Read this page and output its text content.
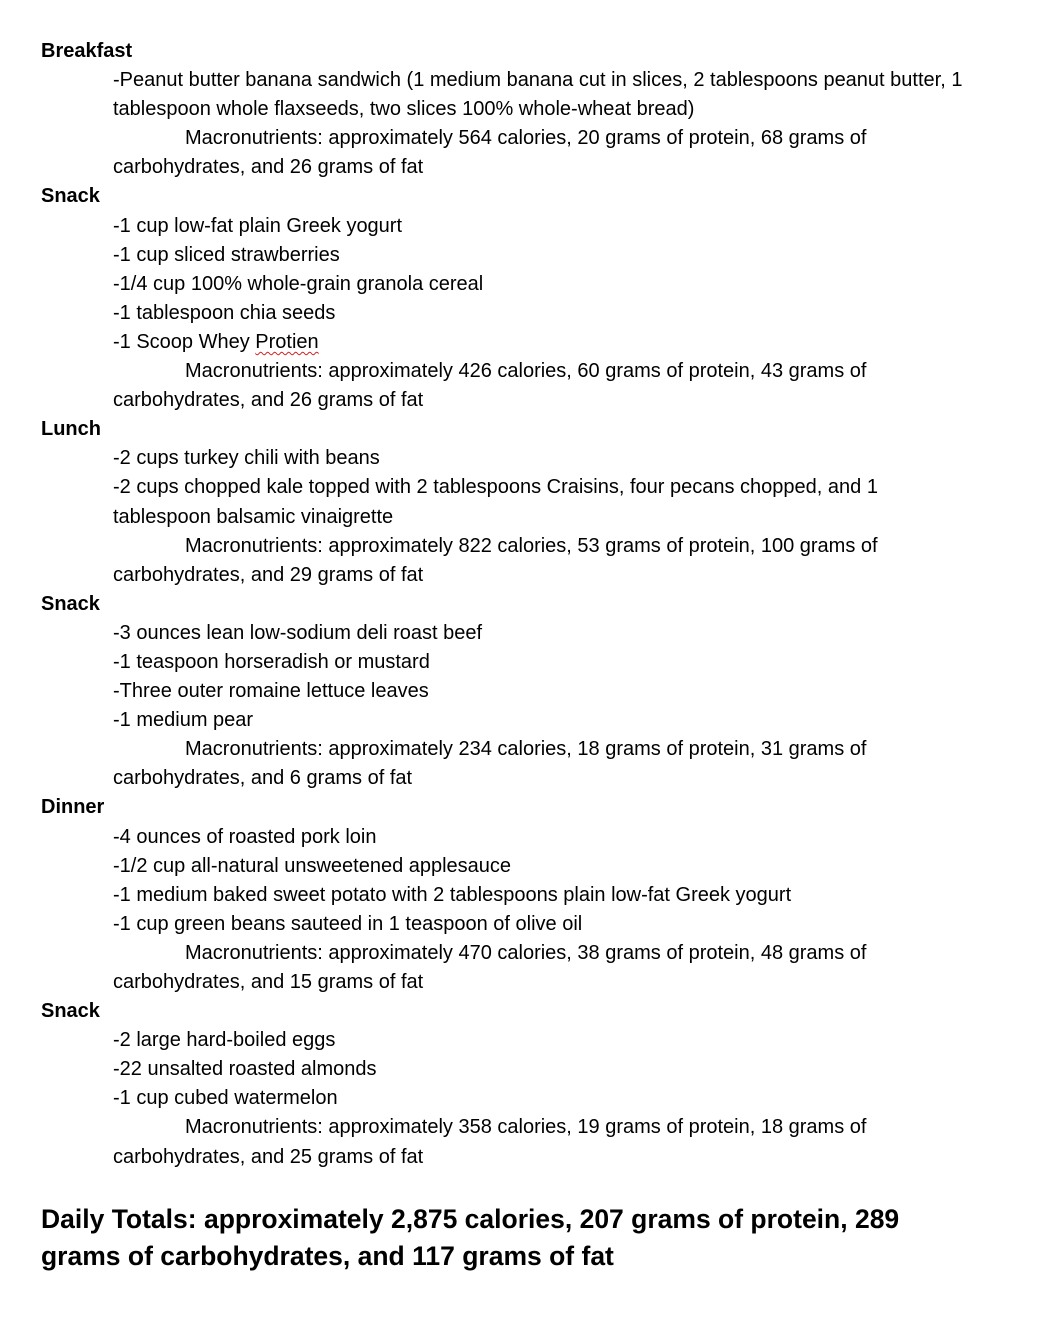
Breakfast

-Peanut butter banana sandwich (1 medium banana cut in slices, 2 tablespoons peanut butter, 1 tablespoon whole flaxseeds, two slices 100% whole-wheat bread)

Macronutrients: approximately 564 calories, 20 grams of protein, 68 grams of carbohydrates, and 26 grams of fat

Snack

-1 cup low-fat plain Greek yogurt

-1 cup sliced strawberries

-1/4 cup 100% whole-grain granola cereal

-1 tablespoon chia seeds

-1 Scoop Whey Protien

Macronutrients: approximately 426 calories, 60 grams of protein, 43 grams of carbohydrates, and 26 grams of fat

Lunch

-2 cups turkey chili with beans

-2 cups chopped kale topped with 2 tablespoons Craisins, four pecans chopped, and 1 tablespoon balsamic vinaigrette

Macronutrients: approximately 822 calories, 53 grams of protein, 100 grams of carbohydrates, and 29 grams of fat

Snack

-3 ounces lean low-sodium deli roast beef

-1 teaspoon horseradish or mustard

-Three outer romaine lettuce leaves

-1 medium pear

Macronutrients: approximately 234 calories, 18 grams of protein, 31 grams of carbohydrates, and 6 grams of fat

Dinner

-4 ounces of roasted pork loin

-1/2 cup all-natural unsweetened applesauce

-1 medium baked sweet potato with 2 tablespoons plain low-fat Greek yogurt

-1 cup green beans sauteed in 1 teaspoon of olive oil

Macronutrients: approximately 470 calories, 38 grams of protein, 48 grams of carbohydrates, and 15 grams of fat

Snack

-2 large hard-boiled eggs

-22 unsalted roasted almonds

-1 cup cubed watermelon

Macronutrients: approximately 358 calories, 19 grams of protein, 18 grams of carbohydrates, and 25 grams of fat

Daily Totals: approximately 2,875 calories, 207 grams of protein, 289 grams of carbohydrates, and 117 grams of fat
